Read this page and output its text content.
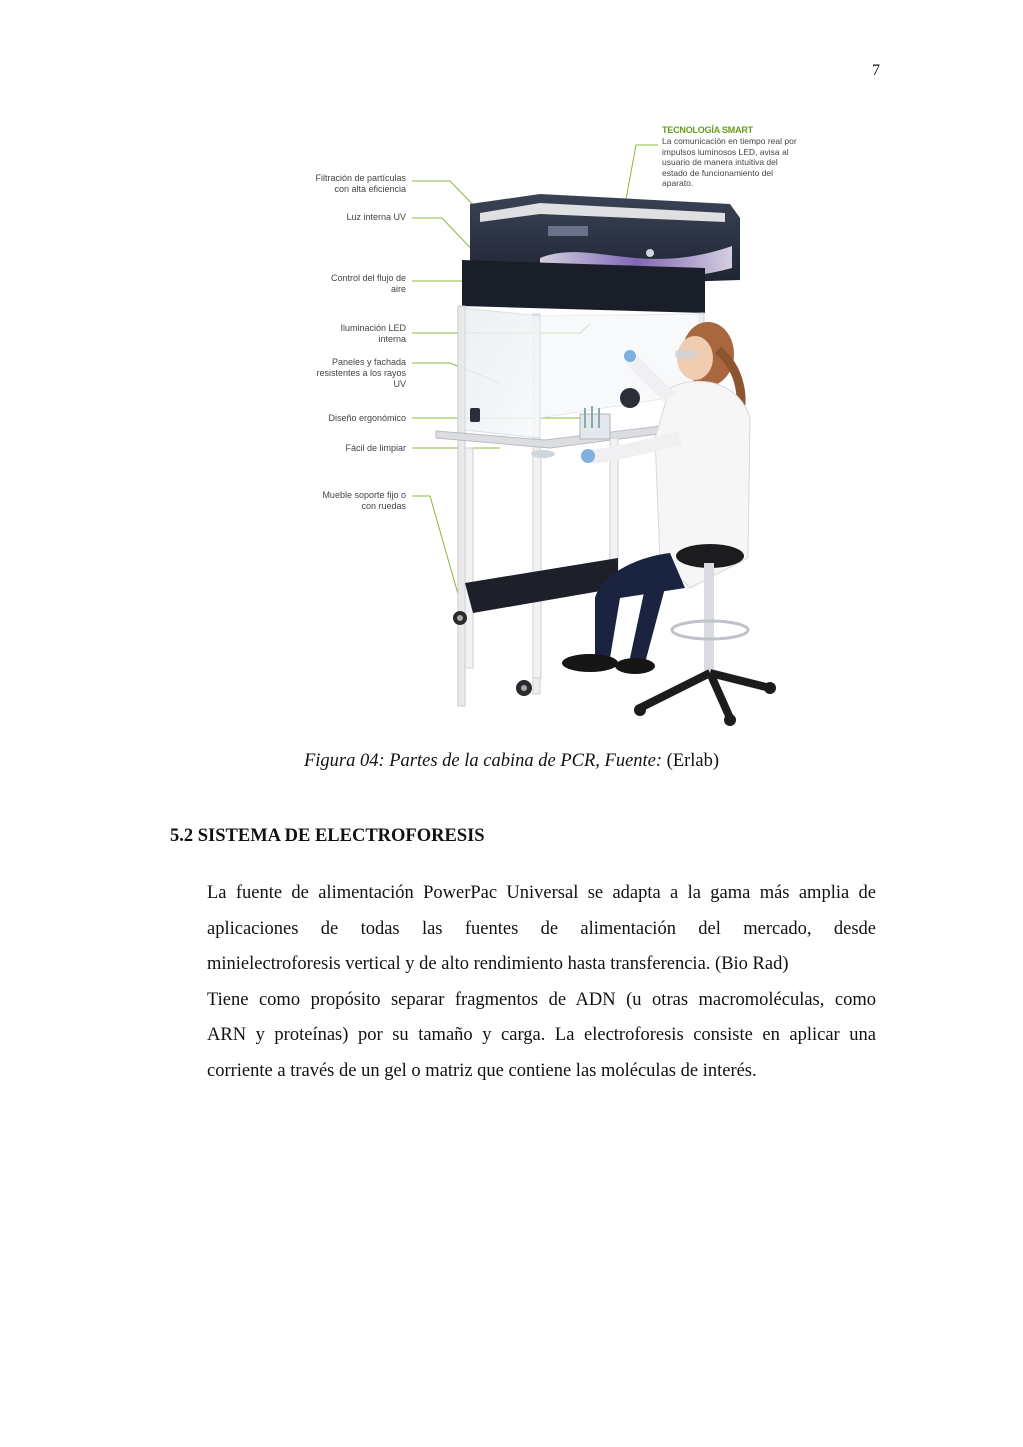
7
Filtración de partículas
con alta eficiencia
Luz interna UV
Control del flujo de
aire
Iluminación LED
interna
Paneles y fachada
resistentes a los rayos
UV
Diseño ergonómico
Fácil de limpiar
Mueble soporte fijo o
con ruedas
TECNOLOGÍA SMART
La comunicación en tiempo real por impulsos luminosos LED, avisa al usuario de manera intuitiva del estado de funcionamiento del aparato.
Figura 04: Partes de la cabina de PCR, Fuente: (Erlab)
5.2 SISTEMA DE ELECTROFORESIS
La fuente de alimentación PowerPac Universal se adapta a la gama más amplia de
aplicaciones de todas las fuentes de alimentación del mercado, desde
minielectroforesis vertical y de alto rendimiento hasta transferencia. (Bio Rad)
Tiene como propósito separar fragmentos de ADN (u otras macromoléculas, como
ARN y proteínas) por su tamaño y carga. La electroforesis consiste en aplicar una
corriente a través de un gel o matriz que contiene las moléculas de interés.
